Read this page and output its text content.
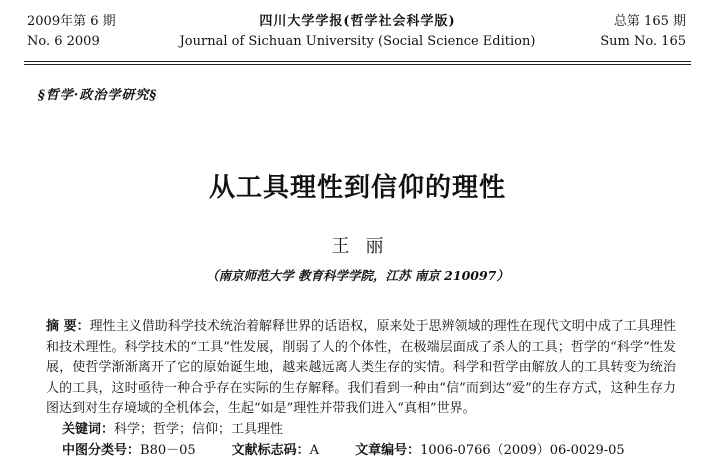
2009年第 6 期
No. 6 2009
四川大学学报(哲学社会科学版)
Journal of Sichuan University (Social Science Edition)
总第 165 期
Sum No. 165
§哲学·政治学研究§
从工具理性到信仰的理性
王丽
（南京师范大学 教育科学学院，江苏 南京 210097）
摘 要：理性主义借助科学技术统治着解释世界的话语权，原来处于思辨领域的理性在现代文明中成了工具理性和技术理性。科学技术的“工具”性发展，削弱了人的个体性，在极端层面成了杀人的工具；哲学的“科学”性发展，使哲学渐渐离开了它的原始诞生地，越来越远离人类生存的实情。科学和哲学由解放人的工具转变为统治人的工具，这时亟待一种合乎存在实际的生存解释。我们看到一种由“信”而到达“爱”的生存方式，这种生存力图达到对生存境域的全机体会，生起“如是”理性并带我们进入“真相”世界。
关键词：科学；哲学；信仰；工具理性
中图分类号：B80－05	文献标志码：A	文章编号：1006-0766（2009）06-0029-05
